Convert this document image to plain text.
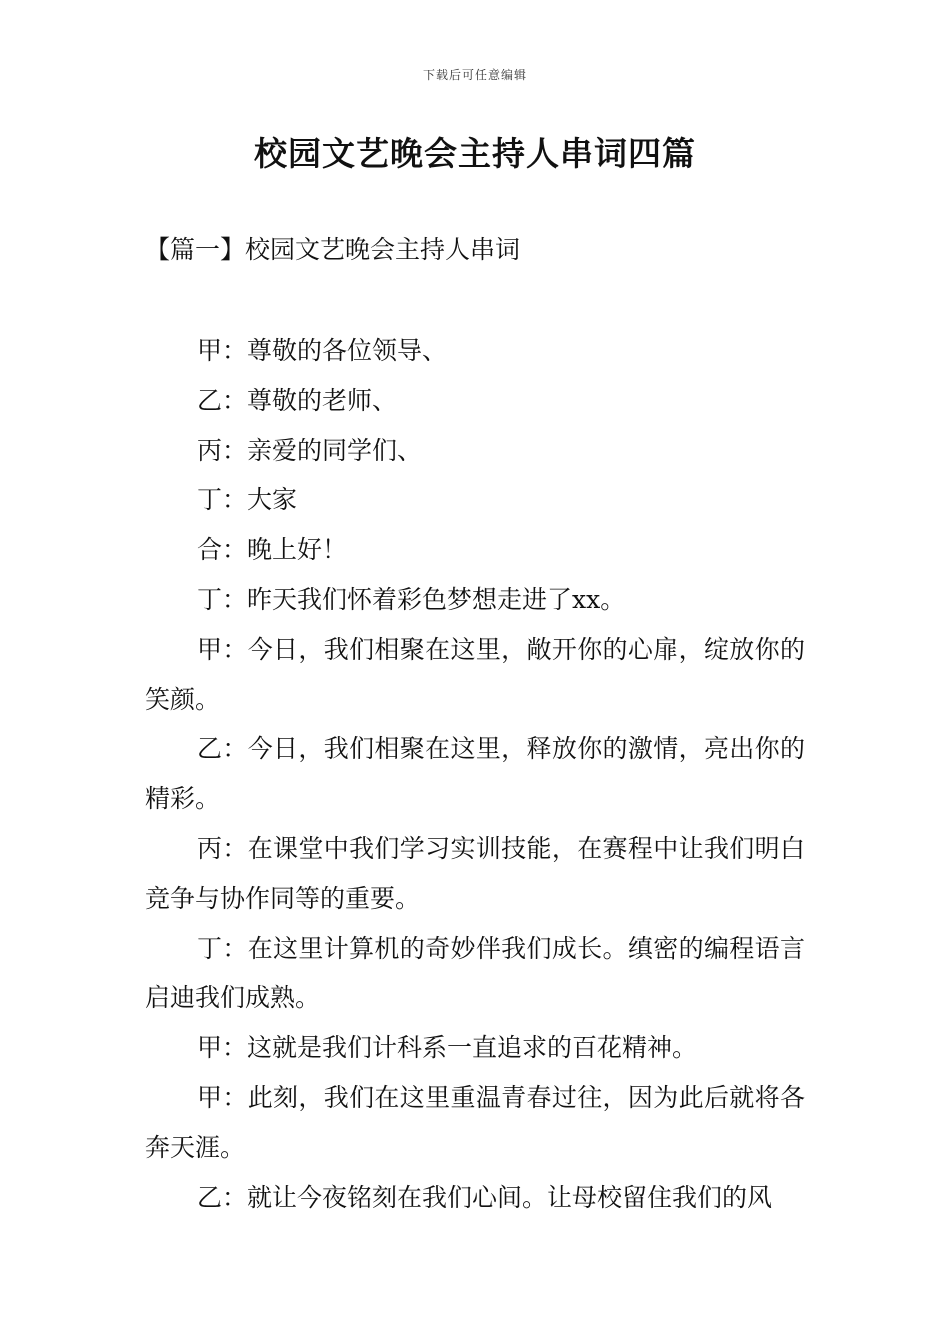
下载后可任意编辑
校园文艺晚会主持人串词四篇
【篇一】校园文艺晚会主持人串词

甲：尊敬的各位领导、

乙：尊敬的老师、

丙：亲爱的同学们、

丁：大家

合：晚上好！

丁：昨天我们怀着彩色梦想走进了xx。

甲：今日，我们相聚在这里，敞开你的心扉，绽放你的笑颜。

乙：今日，我们相聚在这里，释放你的激情，亮出你的精彩。

丙：在课堂中我们学习实训技能，在赛程中让我们明白竞争与协作同等的重要。

丁：在这里计算机的奇妙伴我们成长。缜密的编程语言启迪我们成熟。

甲：这就是我们计科系一直追求的百花精神。

甲：此刻，我们在这里重温青春过往，因为此后就将各奔天涯。

乙：就让今夜铭刻在我们心间。让母校留住我们的风
